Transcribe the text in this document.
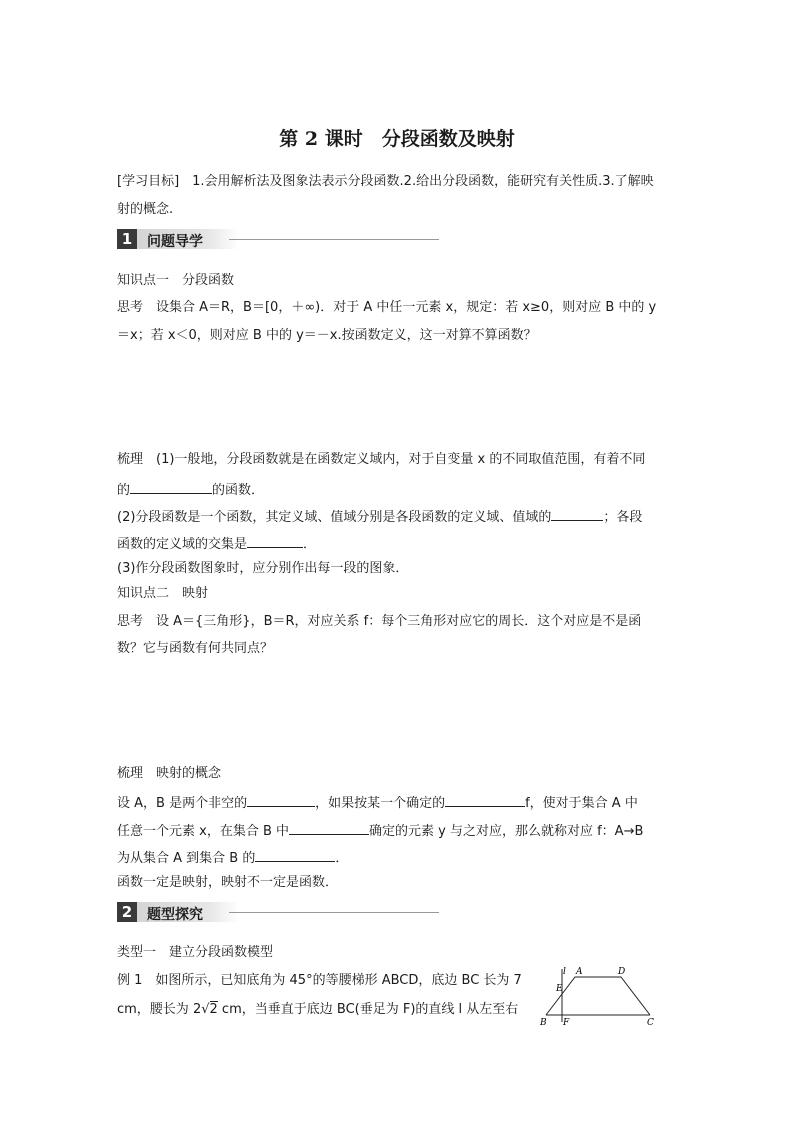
第 2 课时　分段函数及映射
[学习目标]　1.会用解析法及图象法表示分段函数.2.给出分段函数，能研究有关性质.3.了解映
射的概念.
1	问题导学
知识点一　分段函数
思考　设集合 A＝R，B＝[0，＋∞)．对于 A 中任一元素 x，规定：若 x≥0，则对应 B 中的 y
＝x；若 x＜0，则对应 B 中的 y＝－x.按函数定义，这一对算不算函数？
梳理　(1)一般地，分段函数就是在函数定义域内，对于自变量 x 的不同取值范围，有着不同
的	的函数．
(2)分段函数是一个函数，其定义域、值域分别是各段函数的定义域、值域的	；各段
函数的定义域的交集是	．
(3)作分段函数图象时，应分别作出每一段的图象．
知识点二　映射
思考　设 A＝{三角形}，B＝R，对应关系 f：每个三角形对应它的周长．这个对应是不是函
数？它与函数有何共同点？
梳理　映射的概念
设 A，B 是两个非空的	，如果按某一个确定的	f，使对于集合 A 中
任意一个元素 x，在集合 B 中	确定的元素 y 与之对应，那么就称对应 f：A→B
为从集合 A 到集合 B 的	．
函数一定是映射，映射不一定是函数．
2	题型探究
类型一　建立分段函数模型
例 1　如图所示，已知底角为 45°的等腰梯形 ABCD，底边 BC 长为 7
cm，腰长为 2√2 cm，当垂直于底边 BC(垂足为 F)的直线 l 从左至右
l A	D
E
B F	C
